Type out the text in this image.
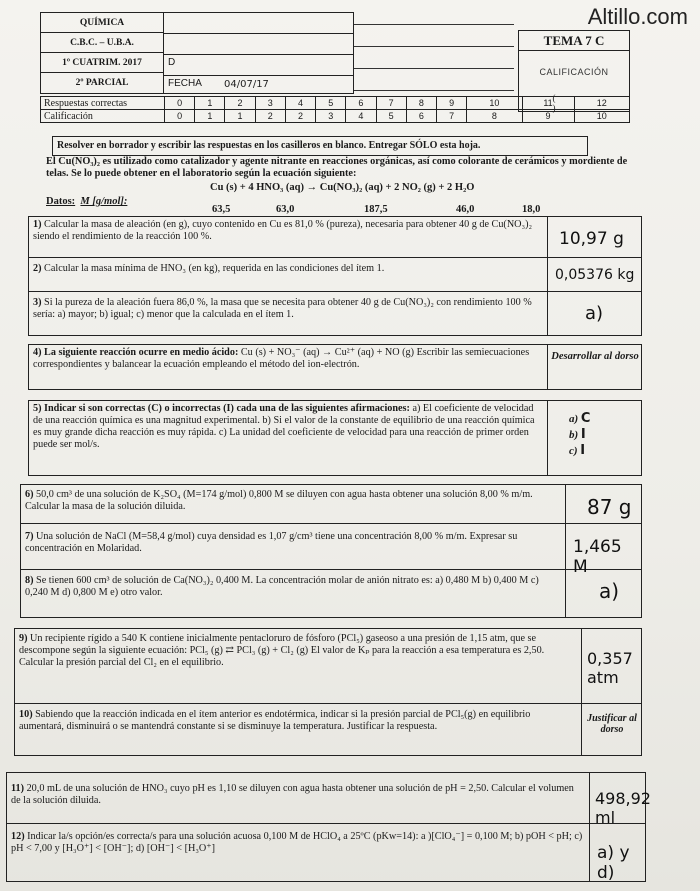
Altillo.com
QUÍMICA
C.B.C. – U.B.A.
1º CUATRIM. 2017
2º PARCIAL
D
FECHA 04/07/17
TEMA 7 C
CALIFICACIÓN
( )
Respuestas correctas	0	1	2	3	4	5	6	7	8	9	10	11	12
Calificación	0	1	1	2	2	3	4	5	6	7	8	9	10
Resolver en borrador y escribir las respuestas en los casilleros en blanco. Entregar SÓLO esta hoja.
El Cu(NO₃)₂ es utilizado como catalizador y agente nitrante en reacciones orgánicas, así como colorante de cerámicos y mordiente de telas. Se lo puede obtener en el laboratorio según la ecuación siguiente:
Cu (s) + 4 HNO₃ (aq) → Cu(NO₃)₂ (aq) + 2 NO₂ (g) + 2 H₂O
Datos: M [g/mol]:
63,5	63,0	187,5	46,0	18,0
1) Calcular la masa de aleación (en g), cuyo contenido en Cu es 81,0 % (pureza), necesaria para obtener 40 g de Cu(NO₃)₂ siendo el rendimiento de la reacción 100 %.	10,97 g
2) Calcular la masa mínima de HNO₃ (en kg), requerida en las condiciones del ítem 1.	0,05376 kg
3) Si la pureza de la aleación fuera 86,0 %, la masa que se necesita para obtener 40 g de Cu(NO₃)₂ con rendimiento 100 % sería: a) mayor; b) igual; c) menor que la calculada en el ítem 1.	a)
4) La siguiente reacción ocurre en medio ácido: Cu (s) + NO₃⁻ (aq) → Cu²⁺ (aq) + NO (g) Escribir las semiecuaciones correspondientes y balancear la ecuación empleando el método del ion-electrón.
Desarrollar al dorso
5) Indicar si son correctas (C) o incorrectas (I) cada una de las siguientes afirmaciones: a) El coeficiente de velocidad de una reacción química es una magnitud experimental. b) Si el valor de la constante de equilibrio de una reacción química es muy grande dicha reacción es muy rápida. c) La unidad del coeficiente de velocidad para una reacción de primer orden puede ser mol/s.
a) C
b) I
c) I
6) 50,0 cm³ de una solución de K₂SO₄ (M=174 g/mol) 0,800 M se diluyen con agua hasta obtener una solución 8,00 % m/m. Calcular la masa de la solución diluida.	87 g
7) Una solución de NaCl (M=58,4 g/mol) cuya densidad es 1,07 g/cm³ tiene una concentración 8,00 % m/m. Expresar su concentración en Molaridad.	1,465 M
8) Se tienen 600 cm³ de solución de Ca(NO₃)₂ 0,400 M. La concentración molar de anión nitrato es: a) 0,480 M b) 0,400 M c) 0,240 M d) 0,800 M e) otro valor.	a)
9) Un recipiente rígido a 540 K contiene inicialmente pentacloruro de fósforo (PCl₅) gaseoso a una presión de 1,15 atm, que se descompone según la siguiente ecuación: PCl₅ (g) ⇄ PCl₃ (g) + Cl₂ (g) El valor de Kₚ para la reacción a esa temperatura es 2,50. Calcular la presión parcial del Cl₂ en el equilibrio.	0,357 atm
10) Sabiendo que la reacción indicada en el ítem anterior es endotérmica, indicar si la presión parcial de PCl₅(g) en equilibrio aumentará, disminuirá o se mantendrá constante si se disminuye la temperatura. Justificar la respuesta.
Justificar al dorso
11) 20,0 mL de una solución de HNO₃ cuyo pH es 1,10 se diluyen con agua hasta obtener una solución de pH = 2,50. Calcular el volumen de la solución diluida.	498,92 ml
12) Indicar la/s opción/es correcta/s para una solución acuosa 0,100 M de HClO₄ a 25ºC (pKw=14): a )[ClO₄⁻] = 0,100 M; b) pOH < pH; c) pH < 7,00 y [H₃O⁺] < [OH⁻]; d) [OH⁻] < [H₃O⁺]	a) y d)
